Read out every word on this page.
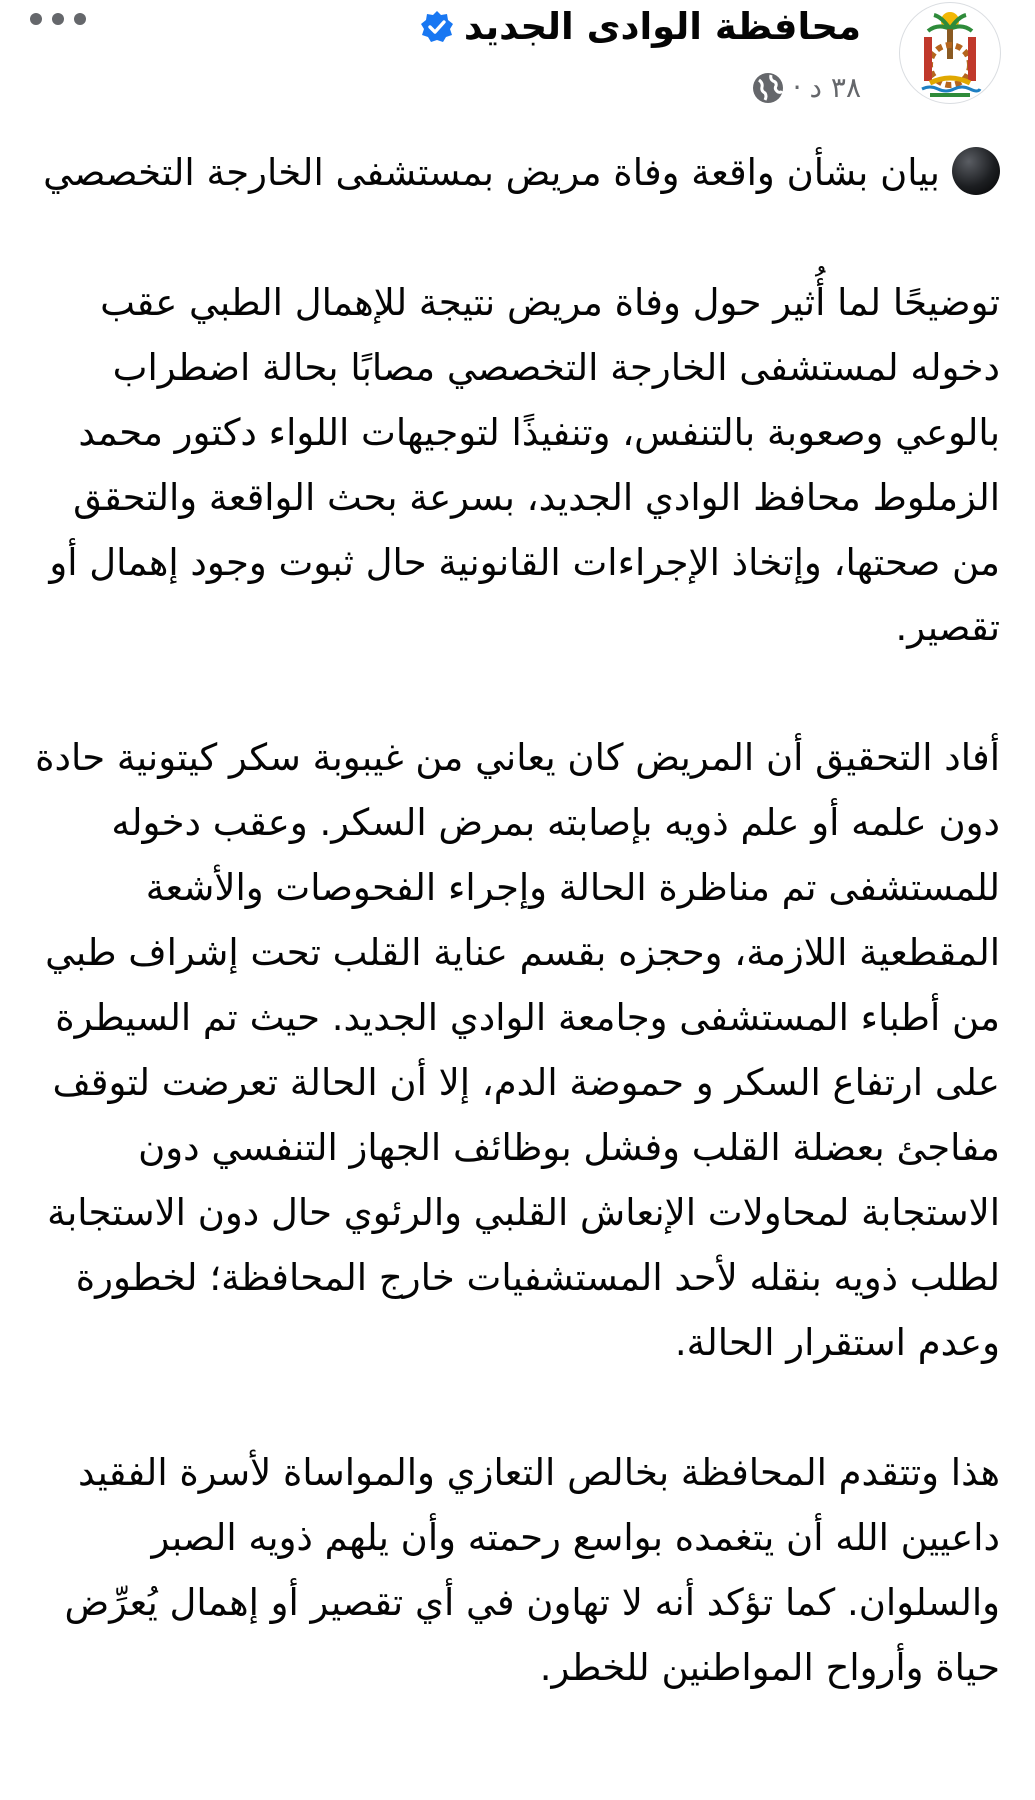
محافظة الوادى الجديد
٣٨ د
·

بيان بشأن واقعة وفاة مريض بمستشفى الخارجة التخصصي

توضيحًا لما أُثير حول وفاة مريض نتيجة للإهمال الطبي عقب دخوله لمستشفى الخارجة التخصصي مصابًا بحالة اضطراب بالوعي وصعوبة بالتنفس، وتنفيذًا لتوجيهات اللواء دكتور محمد الزملوط محافظ الوادي الجديد، بسرعة بحث الواقعة والتحقق من صحتها، وإتخاذ الإجراءات القانونية حال ثبوت وجود إهمال أو تقصير.

أفاد التحقيق أن المريض كان يعاني من غيبوبة سكر كيتونية حادة دون علمه أو علم ذويه بإصابته بمرض السكر. وعقب دخوله للمستشفى تم مناظرة الحالة وإجراء الفحوصات والأشعة المقطعية اللازمة، وحجزه بقسم عناية القلب تحت إشراف طبي من أطباء المستشفى وجامعة الوادي الجديد. حيث تم السيطرة على ارتفاع السكر و حموضة الدم، إلا أن الحالة تعرضت لتوقف مفاجئ بعضلة القلب وفشل بوظائف الجهاز التنفسي دون الاستجابة لمحاولات الإنعاش القلبي والرئوي حال دون الاستجابة لطلب ذويه بنقله لأحد المستشفيات خارج المحافظة؛ لخطورة وعدم استقرار الحالة.

هذا وتتقدم المحافظة بخالص التعازي والمواساة لأسرة الفقيد داعيين الله أن يتغمده بواسع رحمته وأن يلهم ذويه الصبر والسلوان. كما تؤكد أنه لا تهاون في أي تقصير أو إهمال يُعرِّض حياة وأرواح المواطنين للخطر.
